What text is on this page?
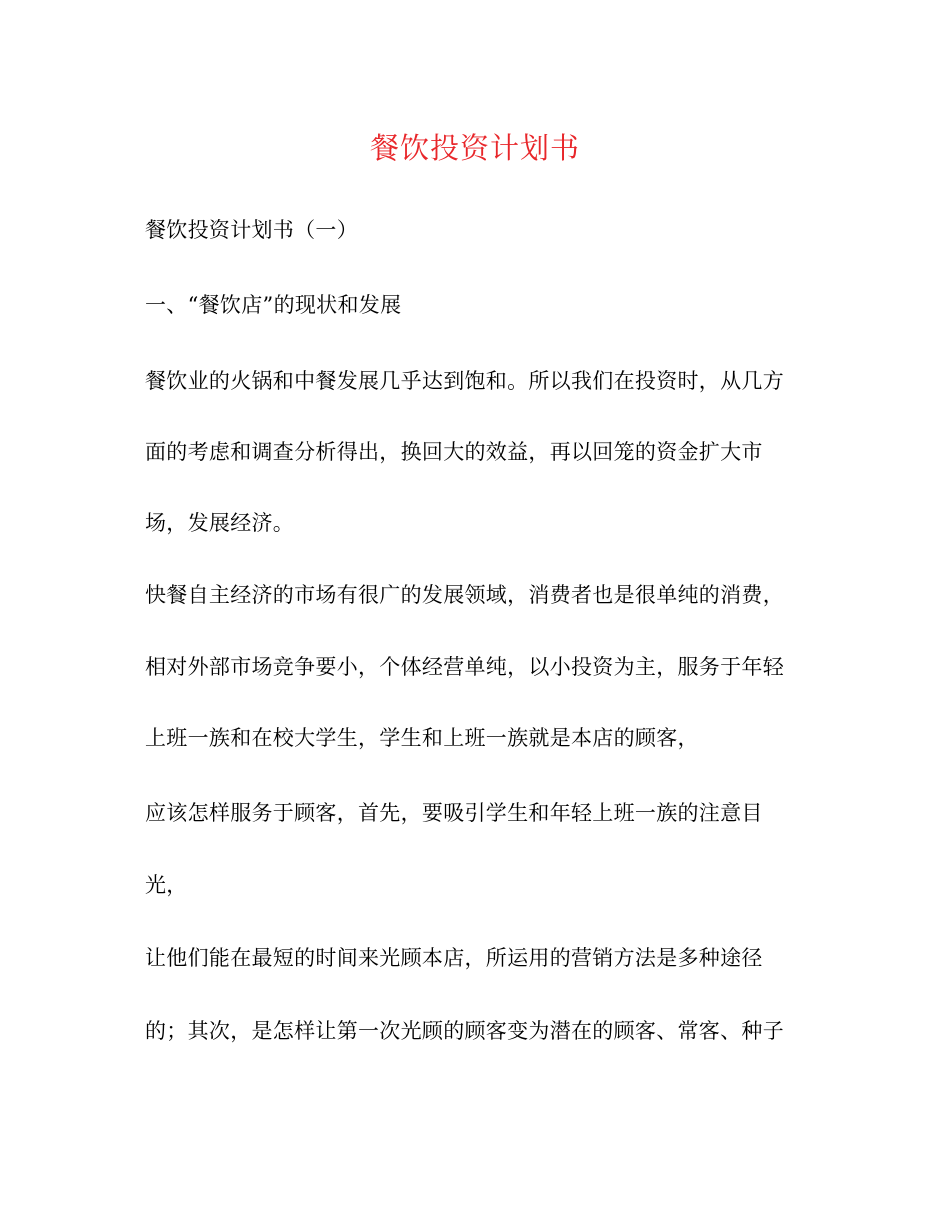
餐饮投资计划书
餐饮投资计划书（一）
一、“餐饮店”的现状和发展
餐饮业的火锅和中餐发展几乎达到饱和。所以我们在投资时，从几方
面的考虑和调查分析得出，换回大的效益，再以回笼的资金扩大市
场，发展经济。
快餐自主经济的市场有很广的发展领域，消费者也是很单纯的消费，
相对外部市场竞争要小，个体经营单纯，以小投资为主，服务于年轻
上班一族和在校大学生，学生和上班一族就是本店的顾客，
应该怎样服务于顾客，首先，要吸引学生和年轻上班一族的注意目
光，
让他们能在最短的时间来光顾本店，所运用的营销方法是多种途径
的；其次，是怎样让第一次光顾的顾客变为潜在的顾客、常客、种子
